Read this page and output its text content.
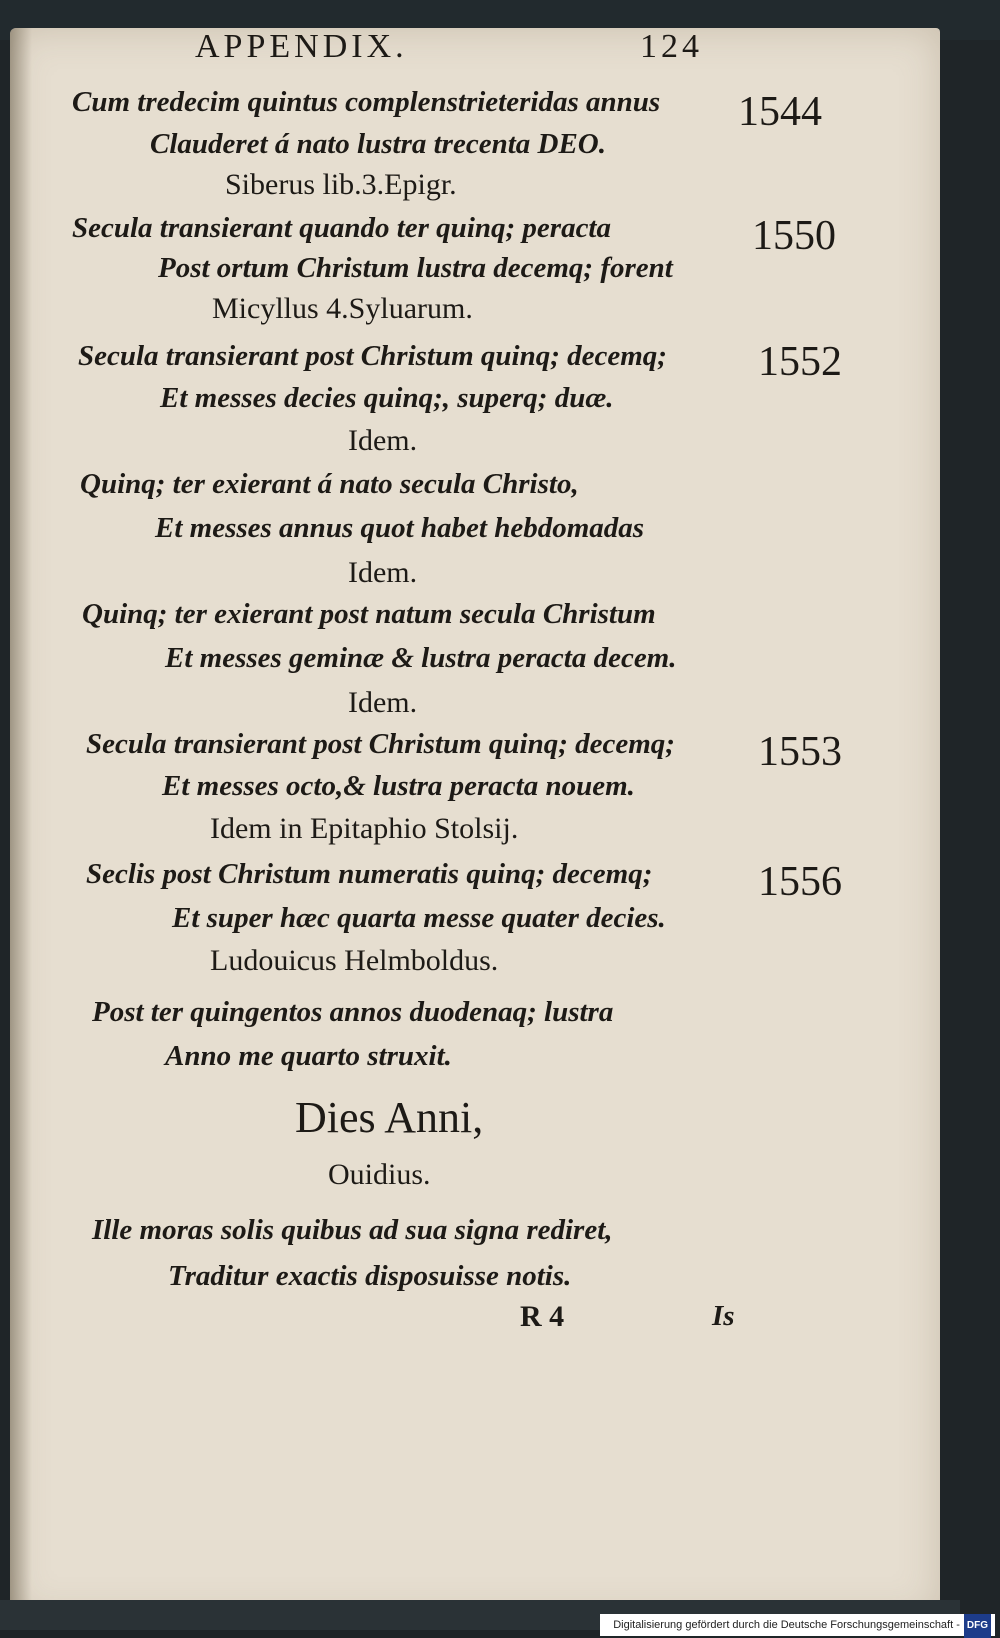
APPENDIX.	124
Cum tredecim quintus complenstrieteridas annus
Clauderet á nato lustra trecenta DEO.
Siberus lib.3.Epigr.
1544
Secula transierant quando ter quinq; peracta
Post ortum Christum lustra decemq; forent
Micyllus 4.Syluarum.
1550
Secula transierant post Christum quinq; decemq;
Et messes decies quinq;, superq; duæ.
Idem.
1552
Quinq; ter exierant á nato secula Christo,
Et messes annus quot habet hebdomadas
Idem.
Quinq; ter exierant post natum secula Christum
Et messes geminæ & lustra peracta decem.
Idem.
Secula transierant post Christum quinq; decemq;
Et messes octo,& lustra peracta nouem.
Idem in Epitaphio Stolsij.
1553
Seclis post Christum numeratis quinq; decemq;
Et super hæc quarta messe quater decies.
Ludouicus Helmboldus.
1556
Post ter quingentos annos duodenaq; lustra
Anno me quarto struxit.
Dies Anni,
Ouidius.
Ille moras solis quibus ad sua signa rediret,
Traditur exactis disposuisse notis.
R 4	Is
Digitalisierung gefördert durch die Deutsche Forschungsgemeinschaft - DFG
